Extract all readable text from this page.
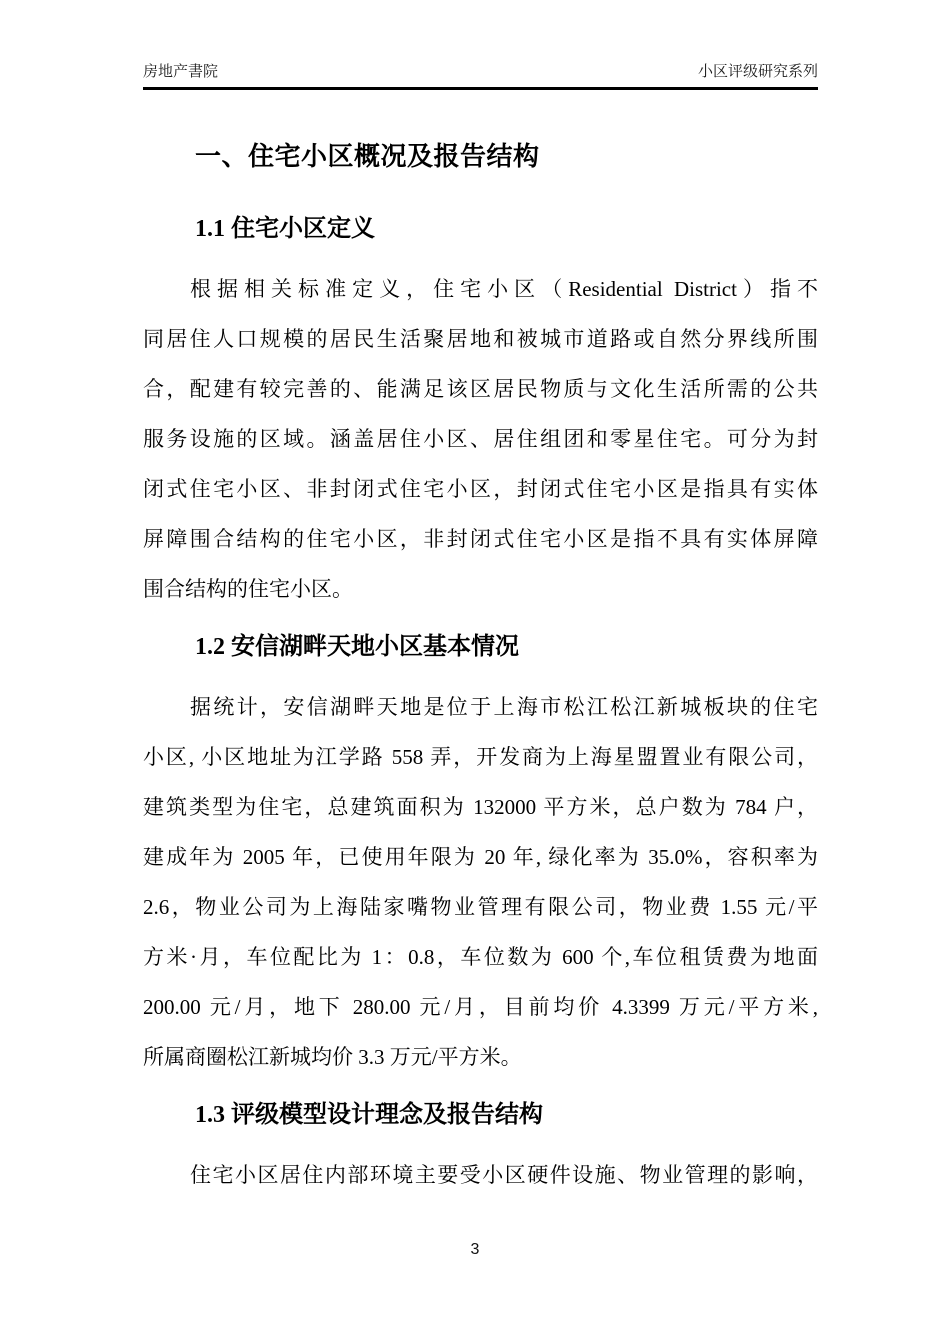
房地产書院	小区评级研究系列
一、住宅小区概况及报告结构
1.1 住宅小区定义
根据相关标准定义，住宅小区（Residential District）指不
同居住人口规模的居民生活聚居地和被城市道路或自然分界线所围
合，配建有较完善的、能满足该区居民物质与文化生活所需的公共
服务设施的区域。涵盖居住小区、居住组团和零星住宅。可分为封
闭式住宅小区、非封闭式住宅小区，封闭式住宅小区是指具有实体
屏障围合结构的住宅小区，非封闭式住宅小区是指不具有实体屏障
围合结构的住宅小区。
1.2 安信湖畔天地小区基本情况
据统计，安信湖畔天地是位于上海市松江松江新城板块的住宅
小区, 小区地址为江学路 558 弄，开发商为上海星盟置业有限公司，
建筑类型为住宅，总建筑面积为 132000 平方米，总户数为 784 户，
建成年为 2005 年，已使用年限为 20 年, 绿化率为 35.0%，容积率为
2.6，物业公司为上海陆家嘴物业管理有限公司，物业费 1.55 元/平
方米·月，车位配比为 1：0.8，车位数为 600 个,车位租赁费为地面
200.00 元/月，地下 280.00 元/月，目前均价 4.3399 万元/平方米,
所属商圈松江新城均价 3.3 万元/平方米。
1.3 评级模型设计理念及报告结构
住宅小区居住内部环境主要受小区硬件设施、物业管理的影响，
3
